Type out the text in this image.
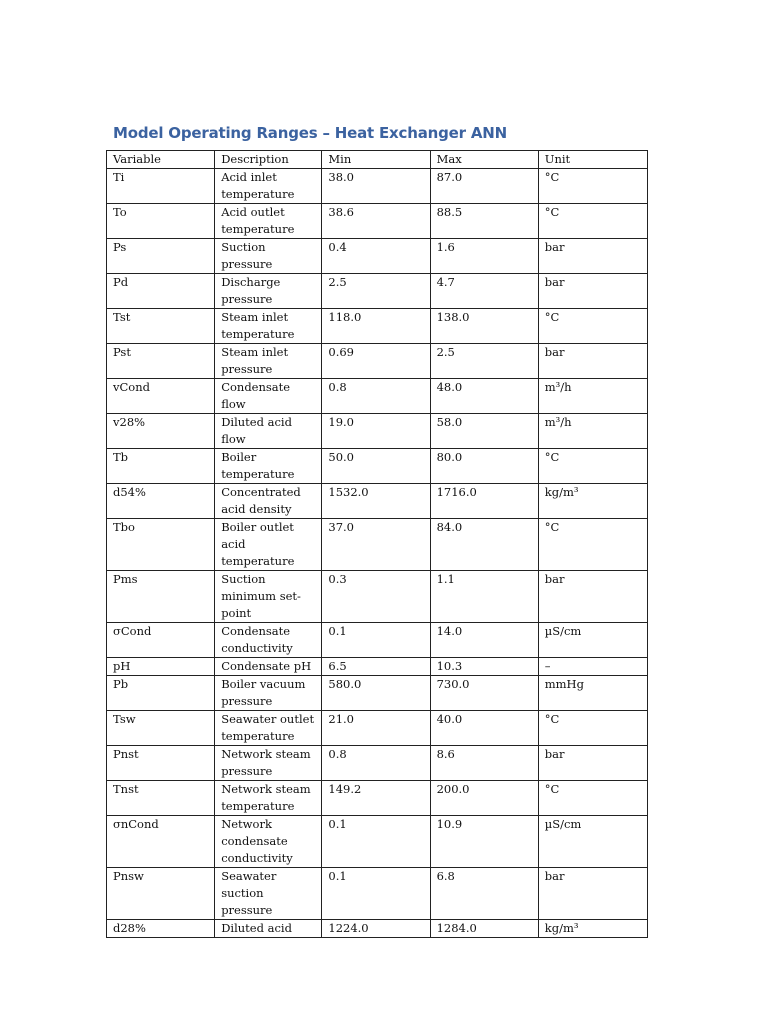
Model Operating Ranges – Heat Exchanger ANN
Variable	Description	Min	Max	Unit
Ti	Acid inlet temperature	38.0	87.0	°C
To	Acid outlet temperature	38.6	88.5	°C
Ps	Suction pressure	0.4	1.6	bar
Pd	Discharge pressure	2.5	4.7	bar
Tst	Steam inlet temperature	118.0	138.0	°C
Pst	Steam inlet pressure	0.69	2.5	bar
vCond	Condensate flow	0.8	48.0	m³/h
v28%	Diluted acid flow	19.0	58.0	m³/h
Tb	Boiler temperature	50.0	80.0	°C
d54%	Concentrated acid density	1532.0	1716.0	kg/m³
Tbo	Boiler outlet acid temperature	37.0	84.0	°C
Pms	Suction minimum set-point	0.3	1.1	bar
σCond	Condensate conductivity	0.1	14.0	µS/cm
pH	Condensate pH	6.5	10.3	–
Pb	Boiler vacuum pressure	580.0	730.0	mmHg
Tsw	Seawater outlet temperature	21.0	40.0	°C
Pnst	Network steam pressure	0.8	8.6	bar
Tnst	Network steam temperature	149.2	200.0	°C
σnCond	Network condensate conductivity	0.1	10.9	µS/cm
Pnsw	Seawater suction pressure	0.1	6.8	bar
d28%	Diluted acid	1224.0	1284.0	kg/m³
